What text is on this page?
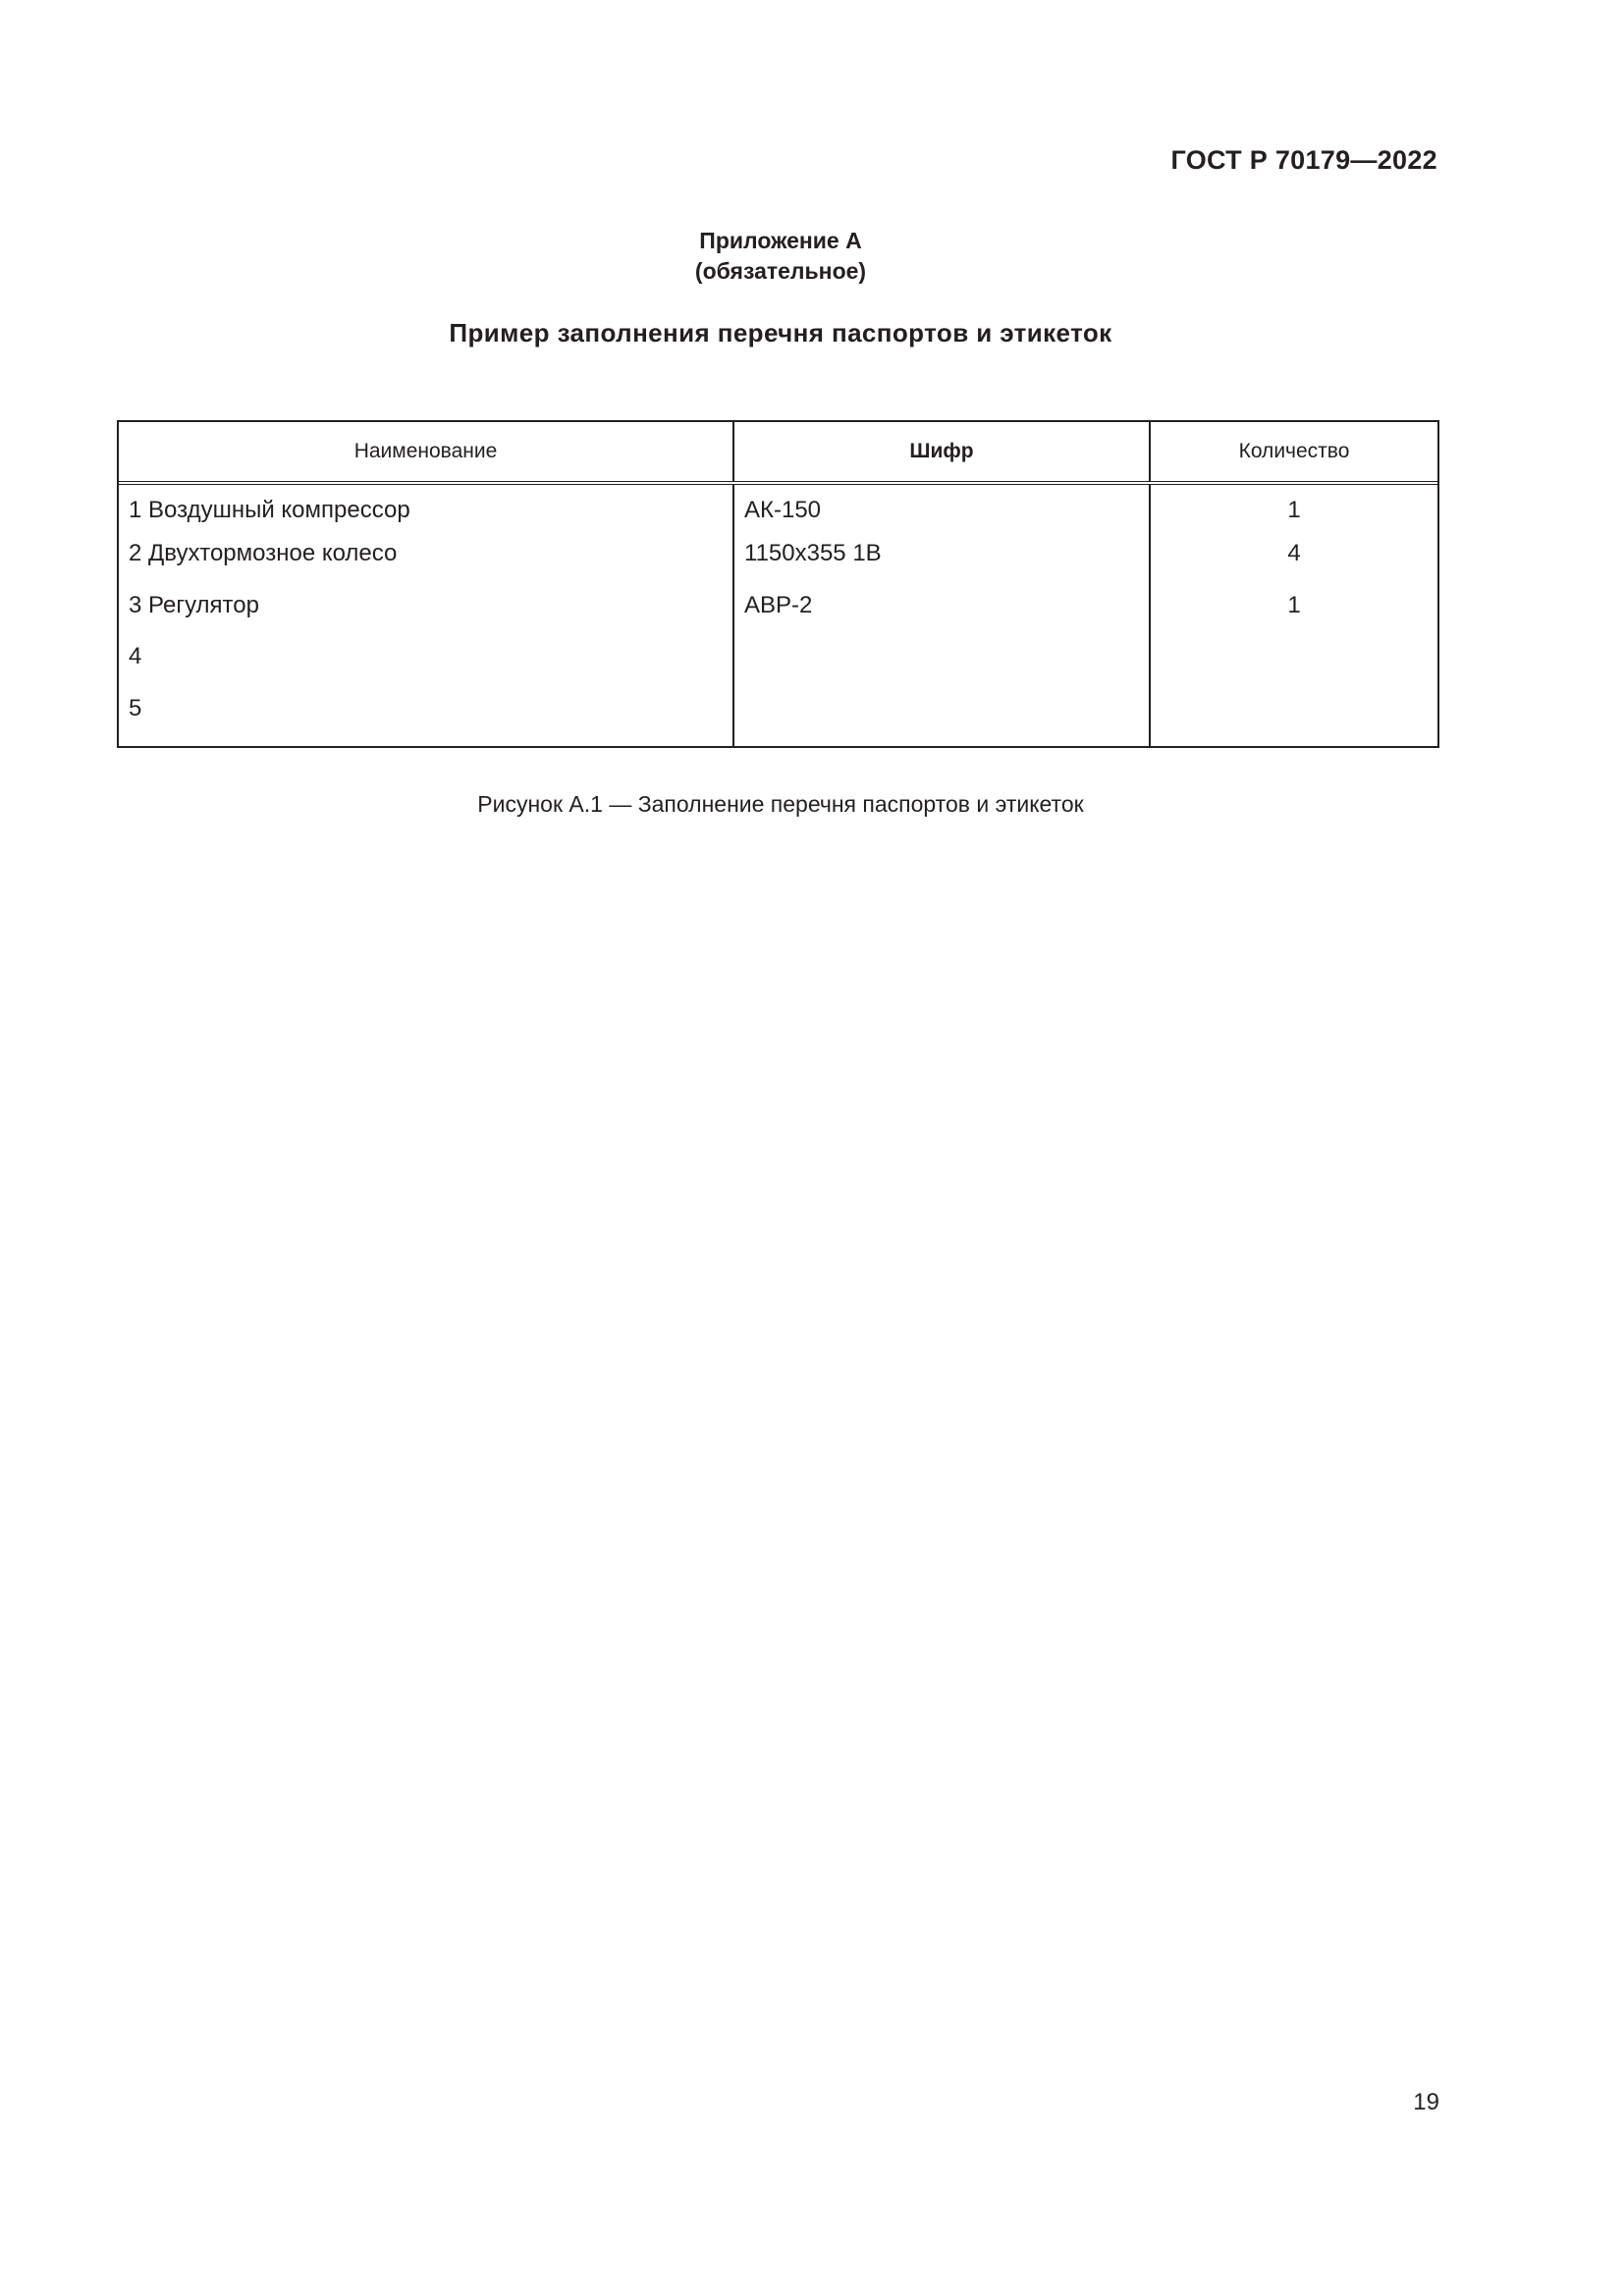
ГОСТ Р 70179—2022
Приложение А
(обязательное)
Пример заполнения перечня паспортов и этикеток
Наименование	Шифр	Количество
1 Воздушный компрессор	АК-150	1
2 Двухтормозное колесо	1150х355 1В	4
3 Регулятор	АВР-2	1
4		
5		
Рисунок А.1 — Заполнение перечня паспортов и этикеток
19
